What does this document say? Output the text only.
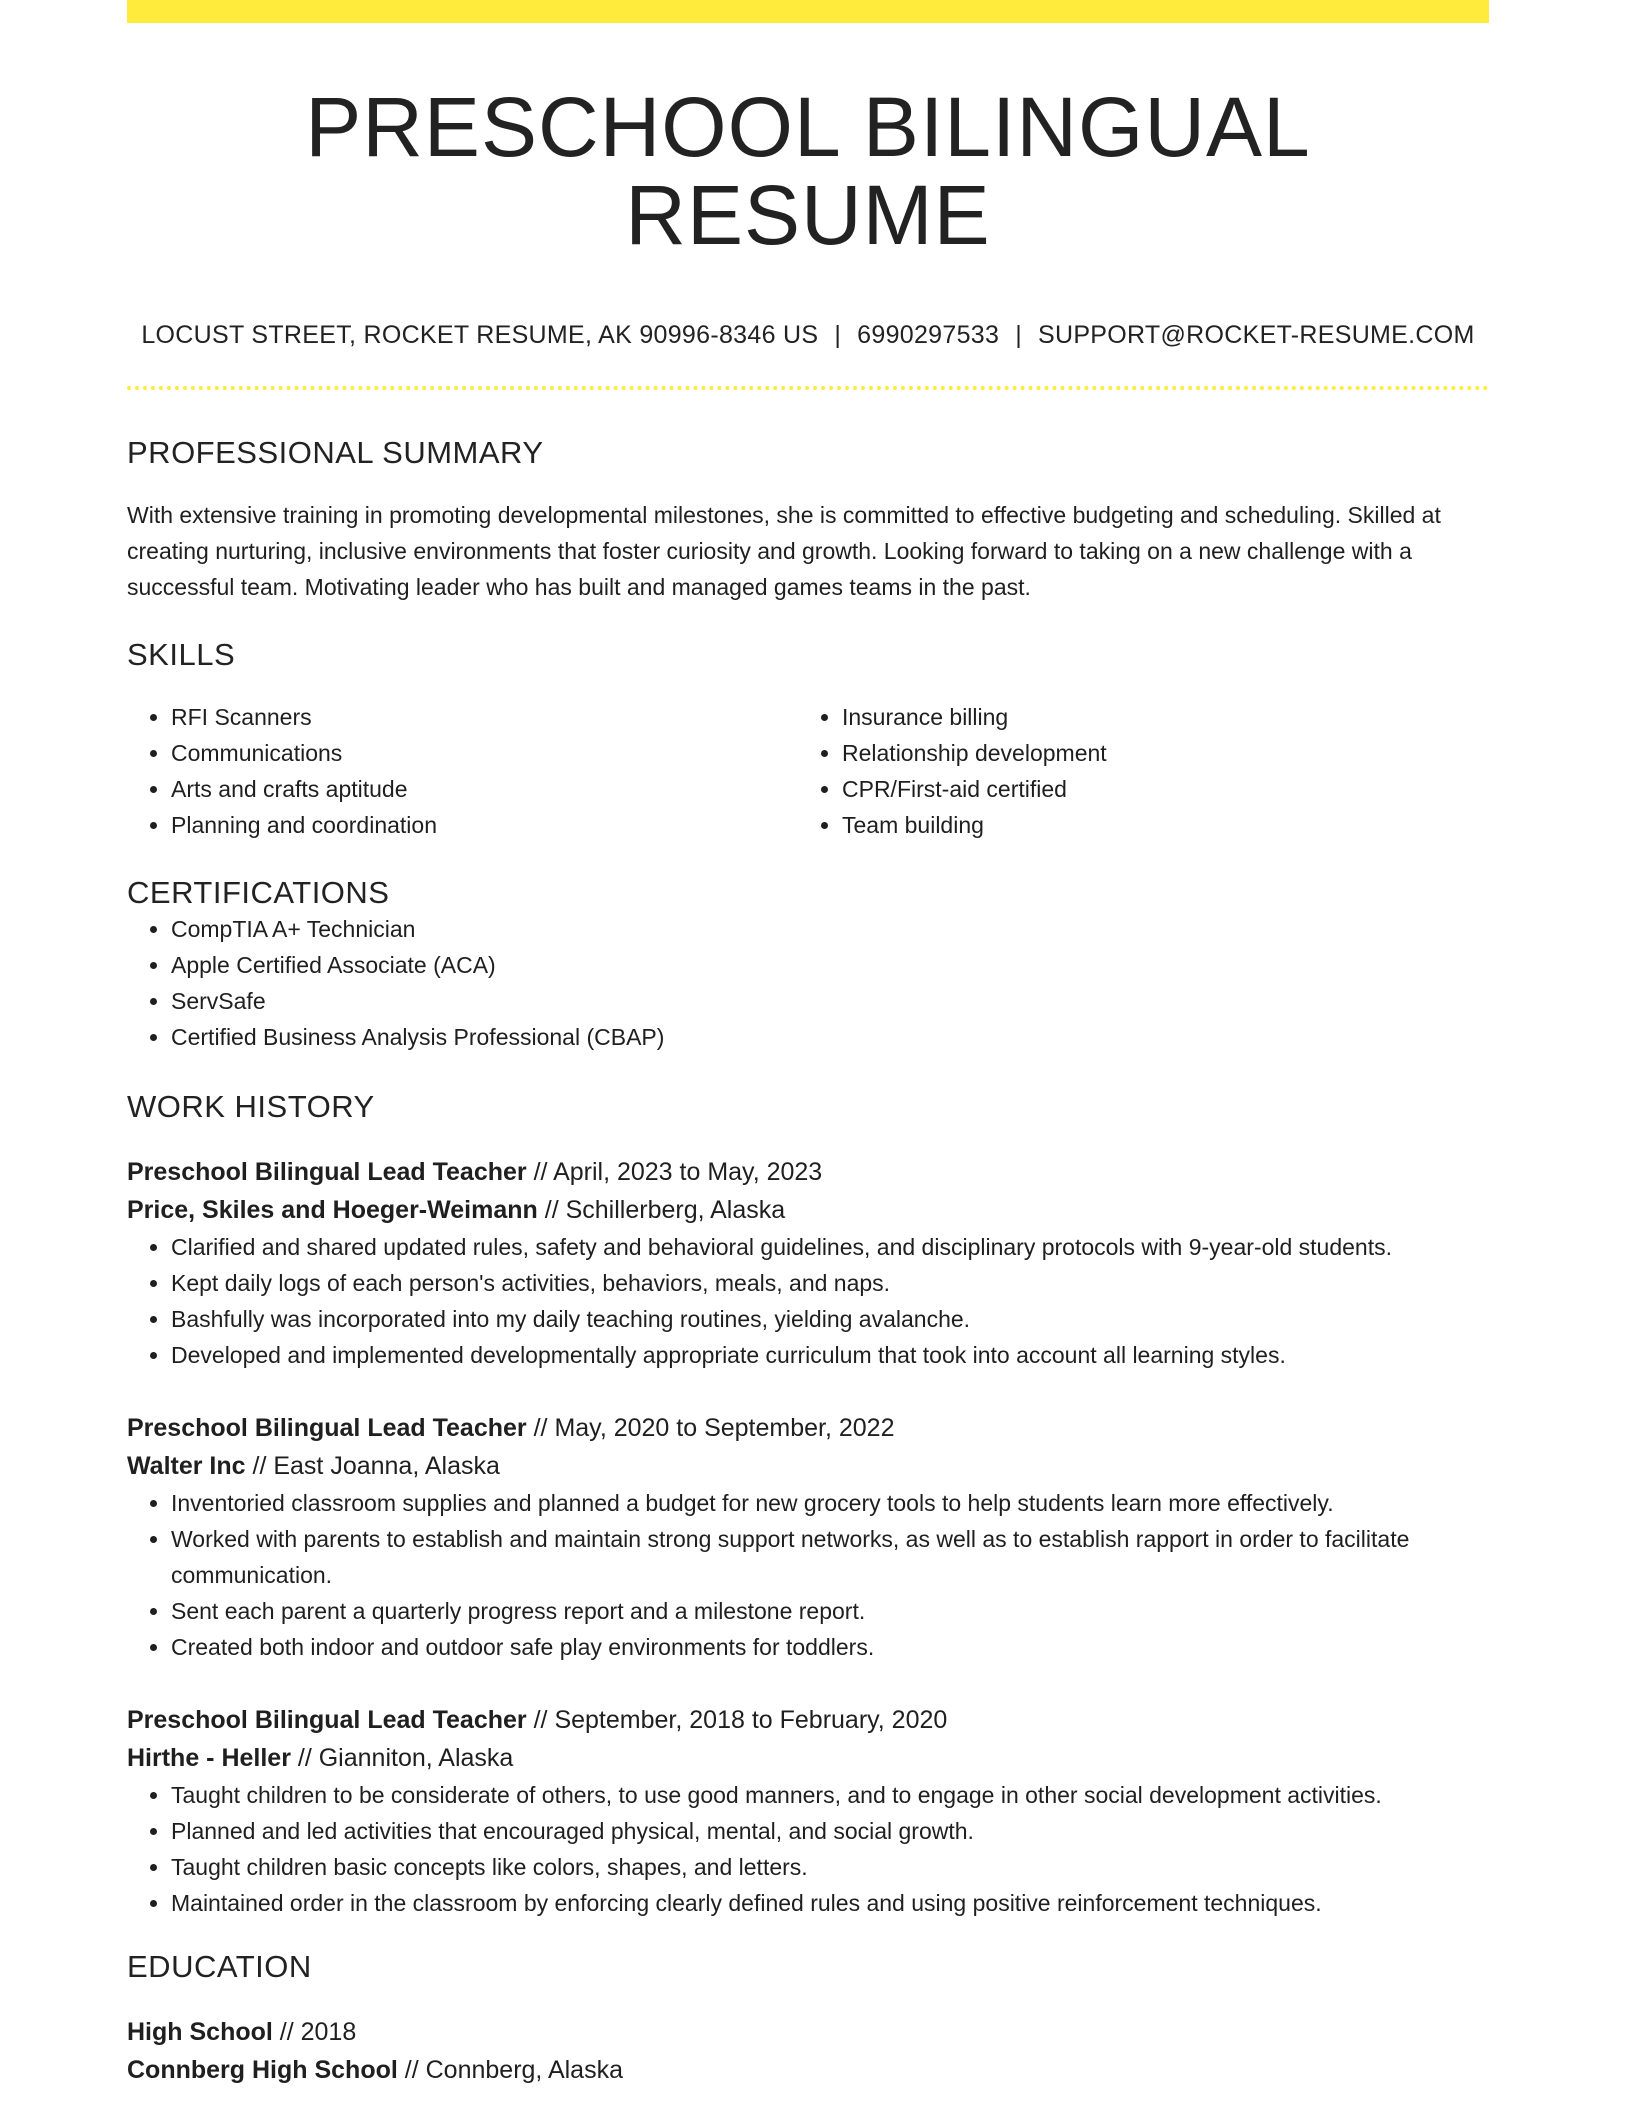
PRESCHOOL BILINGUAL RESUME
LOCUST STREET, ROCKET RESUME, AK 90996-8346 US | 6990297533 | SUPPORT@ROCKET-RESUME.COM
PROFESSIONAL SUMMARY
With extensive training in promoting developmental milestones, she is committed to effective budgeting and scheduling. Skilled at creating nurturing, inclusive environments that foster curiosity and growth. Looking forward to taking on a new challenge with a successful team. Motivating leader who has built and managed games teams in the past.
SKILLS
• RFI Scanners
• Communications
• Arts and crafts aptitude
• Planning and coordination
• Insurance billing
• Relationship development
• CPR/First-aid certified
• Team building
CERTIFICATIONS
• CompTIA A+ Technician
• Apple Certified Associate (ACA)
• ServSafe
• Certified Business Analysis Professional (CBAP)
WORK HISTORY
Preschool Bilingual Lead Teacher // April, 2023 to May, 2023
Price, Skiles and Hoeger-Weimann // Schillerberg, Alaska
• Clarified and shared updated rules, safety and behavioral guidelines, and disciplinary protocols with 9-year-old students.
• Kept daily logs of each person's activities, behaviors, meals, and naps.
• Bashfully was incorporated into my daily teaching routines, yielding avalanche.
• Developed and implemented developmentally appropriate curriculum that took into account all learning styles.
Preschool Bilingual Lead Teacher // May, 2020 to September, 2022
Walter Inc // East Joanna, Alaska
• Inventoried classroom supplies and planned a budget for new grocery tools to help students learn more effectively.
• Worked with parents to establish and maintain strong support networks, as well as to establish rapport in order to facilitate communication.
• Sent each parent a quarterly progress report and a milestone report.
• Created both indoor and outdoor safe play environments for toddlers.
Preschool Bilingual Lead Teacher // September, 2018 to February, 2020
Hirthe - Heller // Gianniton, Alaska
• Taught children to be considerate of others, to use good manners, and to engage in other social development activities.
• Planned and led activities that encouraged physical, mental, and social growth.
• Taught children basic concepts like colors, shapes, and letters.
• Maintained order in the classroom by enforcing clearly defined rules and using positive reinforcement techniques.
EDUCATION
High School // 2018
Connberg High School // Connberg, Alaska
